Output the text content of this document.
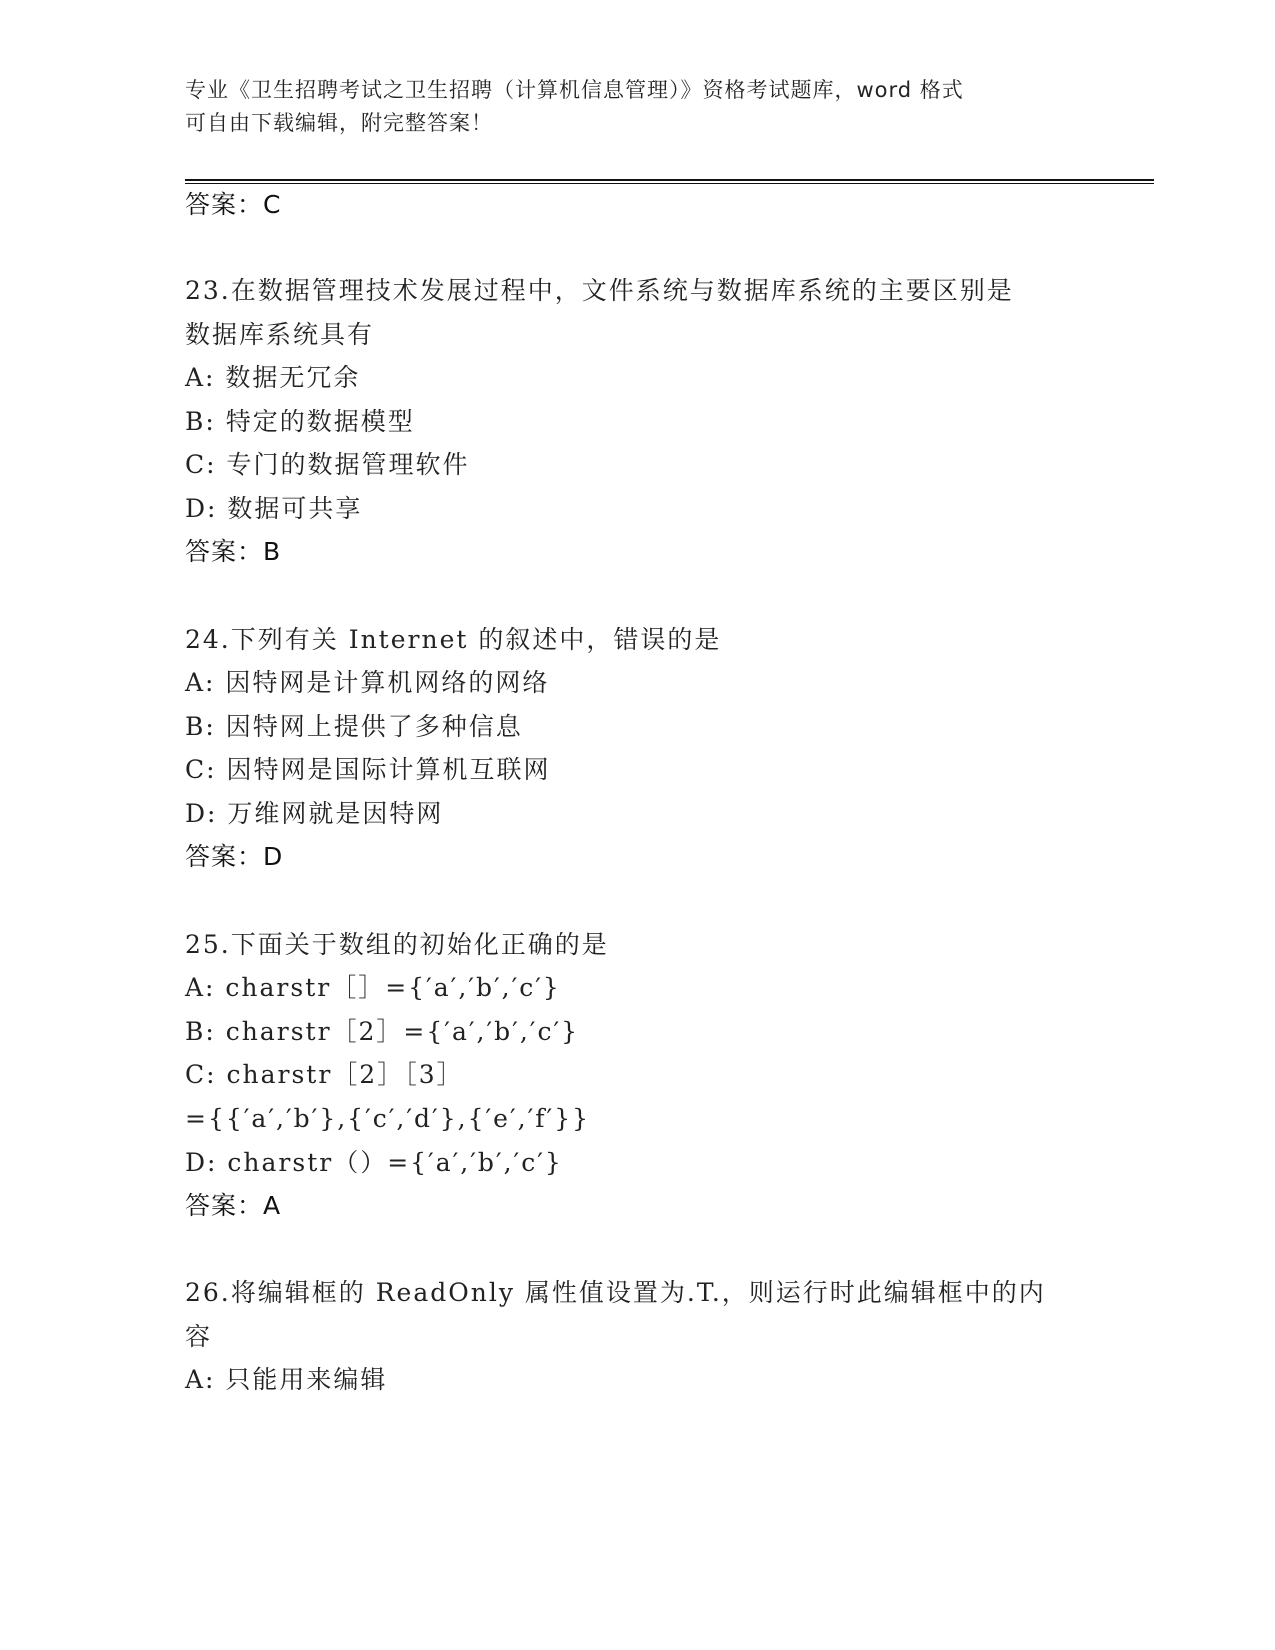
专业《卫生招聘考试之卫生招聘（计算机信息管理）》资格考试题库，word 格式
可自由下载编辑，附完整答案！
答案：C
23.在数据管理技术发展过程中，文件系统与数据库系统的主要区别是
数据库系统具有
A: 数据无冗余
B: 特定的数据模型
C: 专门的数据管理软件
D: 数据可共享
答案：B
24.下列有关 Internet 的叙述中，错误的是
A: 因特网是计算机网络的网络
B: 因特网上提供了多种信息
C: 因特网是国际计算机互联网
D: 万维网就是因特网
答案：D
25.下面关于数组的初始化正确的是
A: charstr［］={′a′,′b′,′c′}
B: charstr［2］={′a′,′b′,′c′}
C: charstr［2］［3］
={{′a′,′b′},{′c′,′d′},{′e′,′f′}}
D: charstr（）={′a′,′b′,′c′}
答案：A
26.将编辑框的 ReadOnly 属性值设置为.T.，则运行时此编辑框中的内
容
A: 只能用来编辑
